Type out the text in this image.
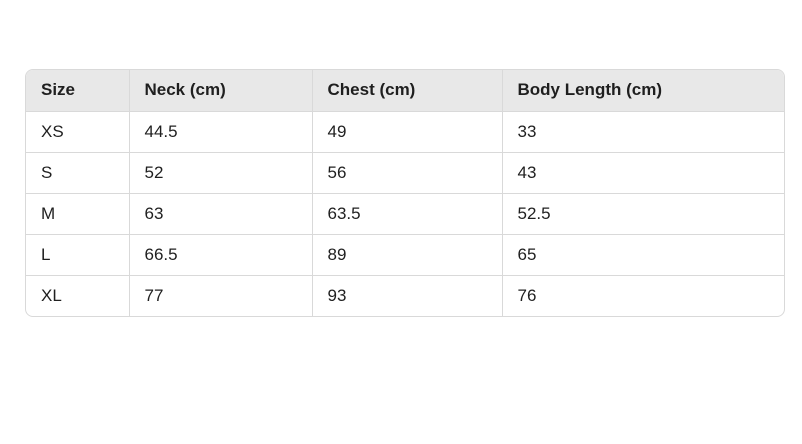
Size	Neck (cm)	Chest (cm)	Body Length (cm)
XS	44.5	49	33
S	52	56	43
M	63	63.5	52.5
L	66.5	89	65
XL	77	93	76
